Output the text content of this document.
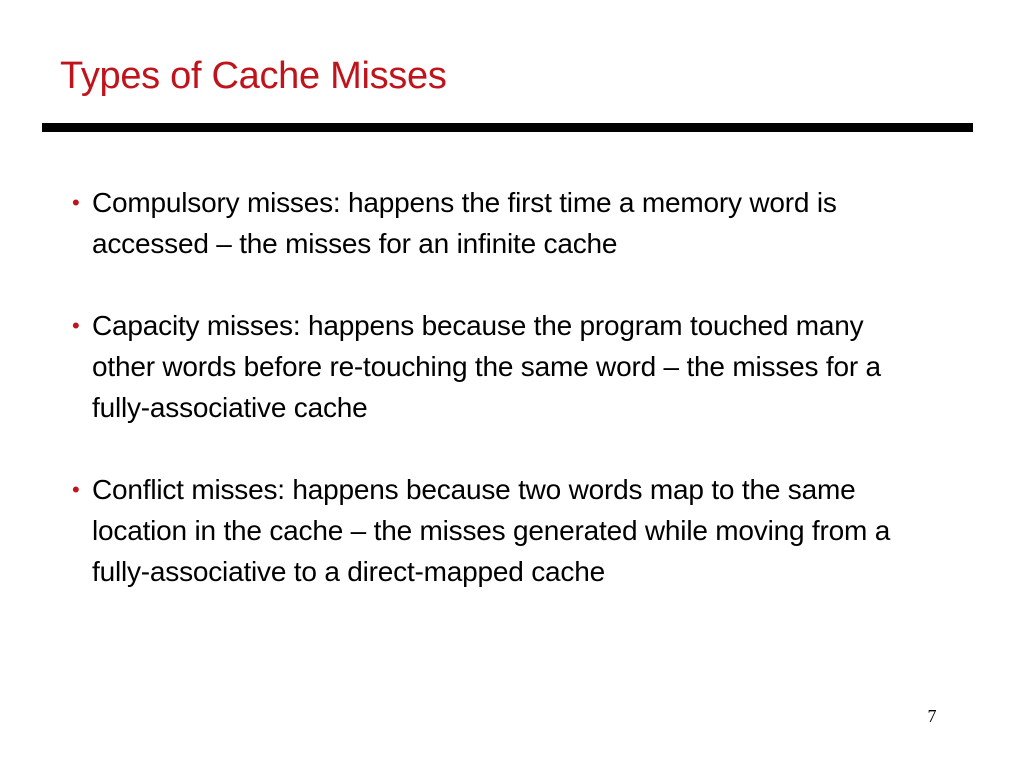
Types of Cache Misses
• Compulsory misses: happens the first time a memory word is accessed – the misses for an infinite cache
• Capacity misses: happens because the program touched many other words before re-touching the same word – the misses for a fully-associative cache
• Conflict misses: happens because two words map to the same location in the cache – the misses generated while moving from a fully-associative to a direct-mapped cache
7
